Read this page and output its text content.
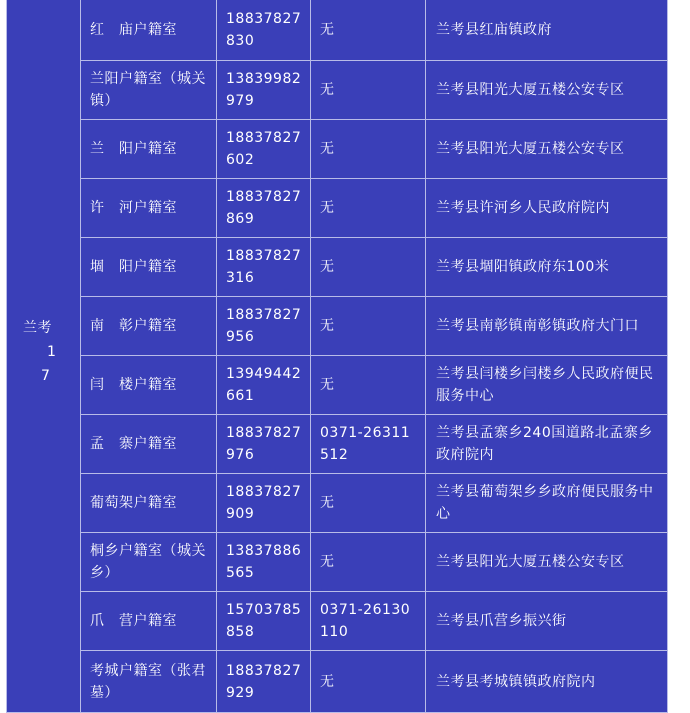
兰考
1
7	红　庙户籍室	18837827830	无	兰考县红庙镇政府
	兰阳户籍室（城关镇）	13839982979	无	兰考县阳光大厦五楼公安专区
	兰　阳户籍室	18837827602	无	兰考县阳光大厦五楼公安专区
	许　河户籍室	18837827869	无	兰考县许河乡人民政府院内
	堌　阳户籍室	18837827316	无	兰考县堌阳镇政府东100米
	南　彰户籍室	18837827956	无	兰考县南彰镇南彰镇政府大门口
	闫　楼户籍室	13949442661	无	兰考县闫楼乡闫楼乡人民政府便民服务中心
	孟　寨户籍室	18837827976	0371-26311512	兰考县孟寨乡240国道路北孟寨乡政府院内
	葡萄架户籍室	18837827909	无	兰考县葡萄架乡乡政府便民服务中心
	桐乡户籍室（城关乡）	13837886565	无	兰考县阳光大厦五楼公安专区
	爪　营户籍室	15703785858	0371-26130110	兰考县爪营乡振兴街
	考城户籍室（张君墓）	18837827929	无	兰考县考城镇镇政府院内
